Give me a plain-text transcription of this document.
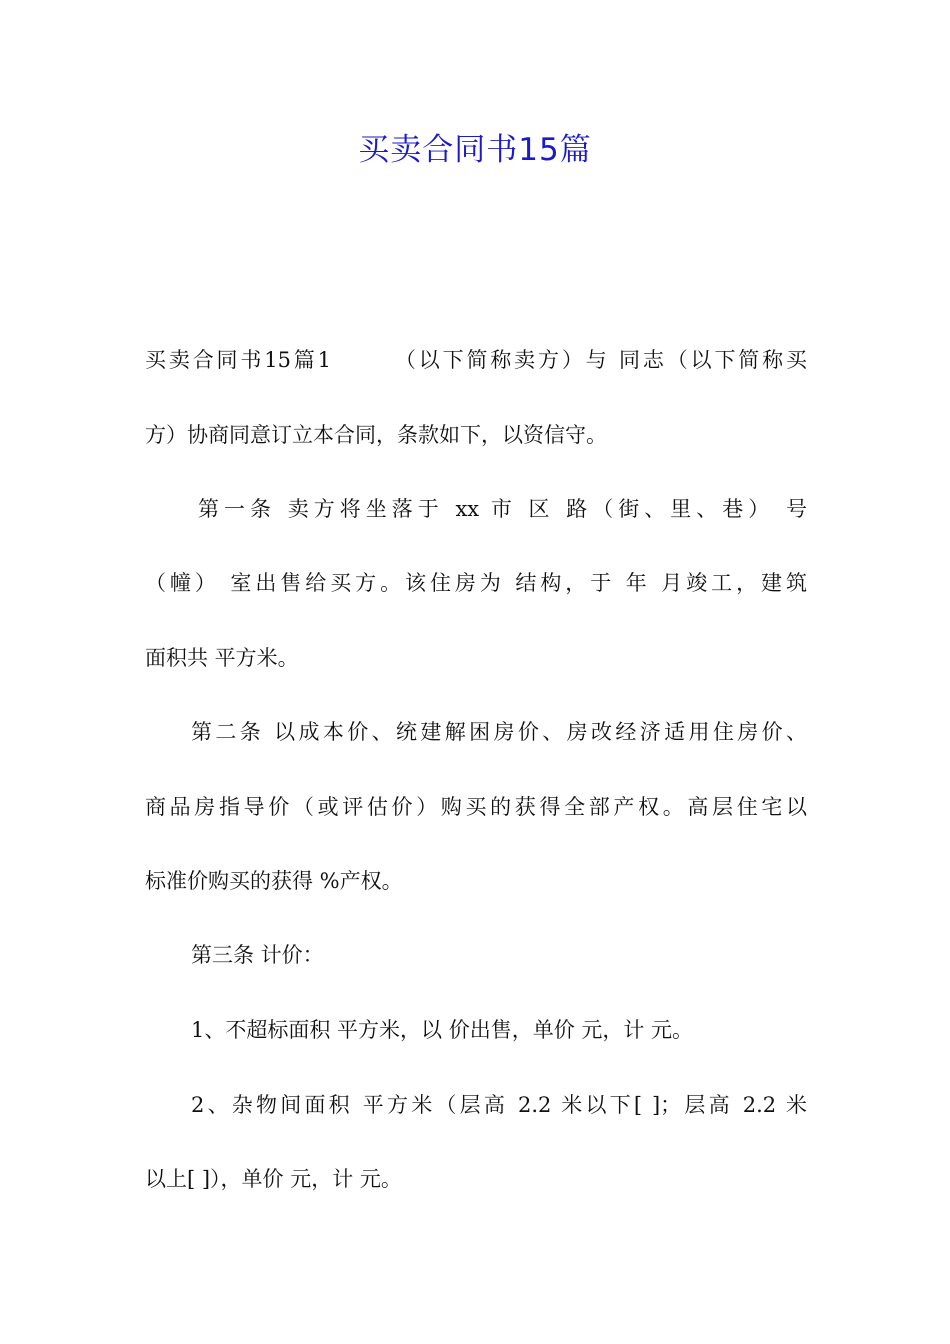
买卖合同书15篇
买卖合同书15篇1　　　（以下简称卖方）与 同志（以下简称买
方）协商同意订立本合同，条款如下，以资信守。
　第一条 卖方将坐落于 xx 市 区 路（街、里、巷） 号
（幢） 室出售给买方。该住房为 结构，于 年 月竣工，建筑
面积共 平方米。
第二条 以成本价、统建解困房价、房改经济适用住房价、
商品房指导价（或评估价）购买的获得全部产权。高层住宅以
标准价购买的获得 %产权。
第三条 计价：
1、不超标面积 平方米，以 价出售，单价 元，计 元。
2、杂物间面积 平方米（层高 2.2 米以下[ ]；层高 2.2 米
以上[ ]），单价 元，计 元。
